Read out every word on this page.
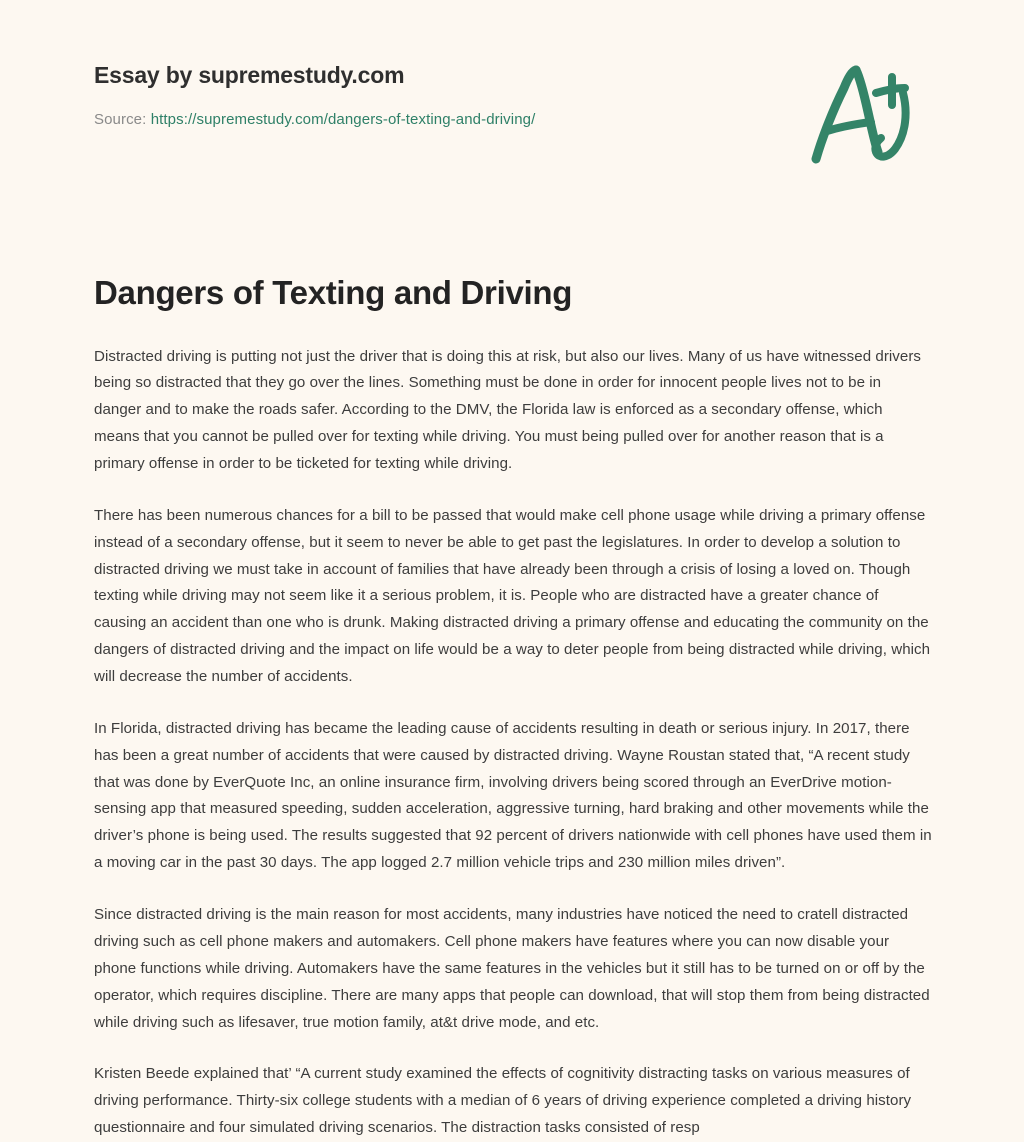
Essay by supremestudy.com
Source: https://supremestudy.com/dangers-of-texting-and-driving/
Dangers of Texting and Driving

Distracted driving is putting not just the driver that is doing this at risk, but also our lives. Many of us have witnessed drivers being so distracted that they go over the lines. Something must be done in order for innocent people lives not to be in danger and to make the roads safer. According to the DMV, the Florida law is enforced as a secondary offense, which means that you cannot be pulled over for texting while driving. You must being pulled over for another reason that is a primary offense in order to be ticketed for texting while driving.

There has been numerous chances for a bill to be passed that would make cell phone usage while driving a primary offense instead of a secondary offense, but it seem to never be able to get past the legislatures. In order to develop a solution to distracted driving we must take in account of families that have already been through a crisis of losing a loved on. Though texting while driving may not seem like it a serious problem, it is. People who are distracted have a greater chance of causing an accident than one who is drunk. Making distracted driving a primary offense and educating the community on the dangers of distracted driving and the impact on life would be a way to deter people from being distracted while driving, which will decrease the number of accidents.

In Florida, distracted driving has became the leading cause of accidents resulting in death or serious injury. In 2017, there has been a great number of accidents that were caused by distracted driving. Wayne Roustan stated that, “A recent study that was done by EverQuote Inc, an online insurance firm, involving drivers being scored through an EverDrive motion-sensing app that measured speeding, sudden acceleration, aggressive turning, hard braking and other movements while the driver’s phone is being used. The results suggested that 92 percent of drivers nationwide with cell phones have used them in a moving car in the past 30 days. The app logged 2.7 million vehicle trips and 230 million miles driven”.

Since distracted driving is the main reason for most accidents, many industries have noticed the need to cratell distracted driving such as cell phone makers and automakers. Cell phone makers have features where you can now disable your phone functions while driving. Automakers have the same features in the vehicles but it still has to be turned on or off by the operator, which requires discipline. There are many apps that people can download, that will stop them from being distracted while driving such as lifesaver, true motion family, at&t drive mode, and etc.

Kristen Beede explained that’ “A current study examined the effects of cognitivity distracting tasks on various measures of driving performance. Thirty-six college students with a median of 6 years of driving experience completed a driving history questionnaire and four simulated driving scenarios. The distraction tasks consisted of resp
